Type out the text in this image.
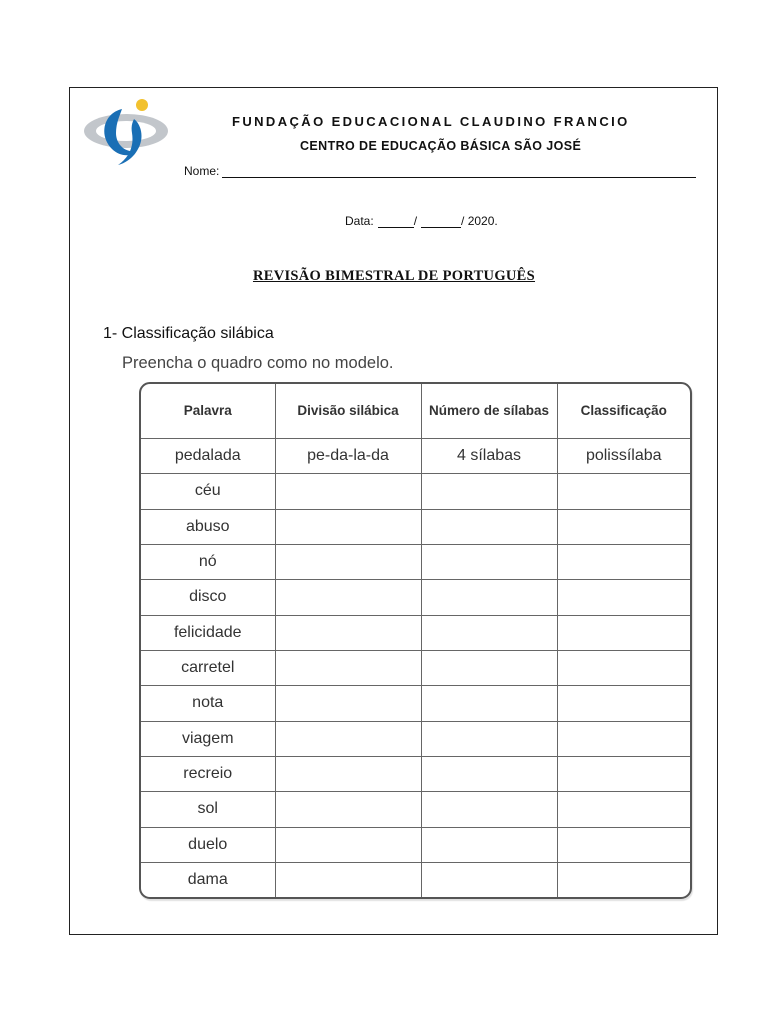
FUNDAÇÃO EDUCACIONAL CLAUDINO FRANCIO
CENTRO DE EDUCAÇÃO BÁSICA SÃO JOSÉ
Nome:
Data:	/	/ 2020.
REVISÃO BIMESTRAL DE PORTUGUÊS
1- Classificação silábica
Preencha o quadro como no modelo.
Palavra	Divisão silábica	Número de sílabas	Classificação
pedalada	pe-da-la-da	4 sílabas	polissílaba
céu			
abuso			
nó			
disco			
felicidade			
carretel			
nota			
viagem			
recreio			
sol			
duelo			
dama			
